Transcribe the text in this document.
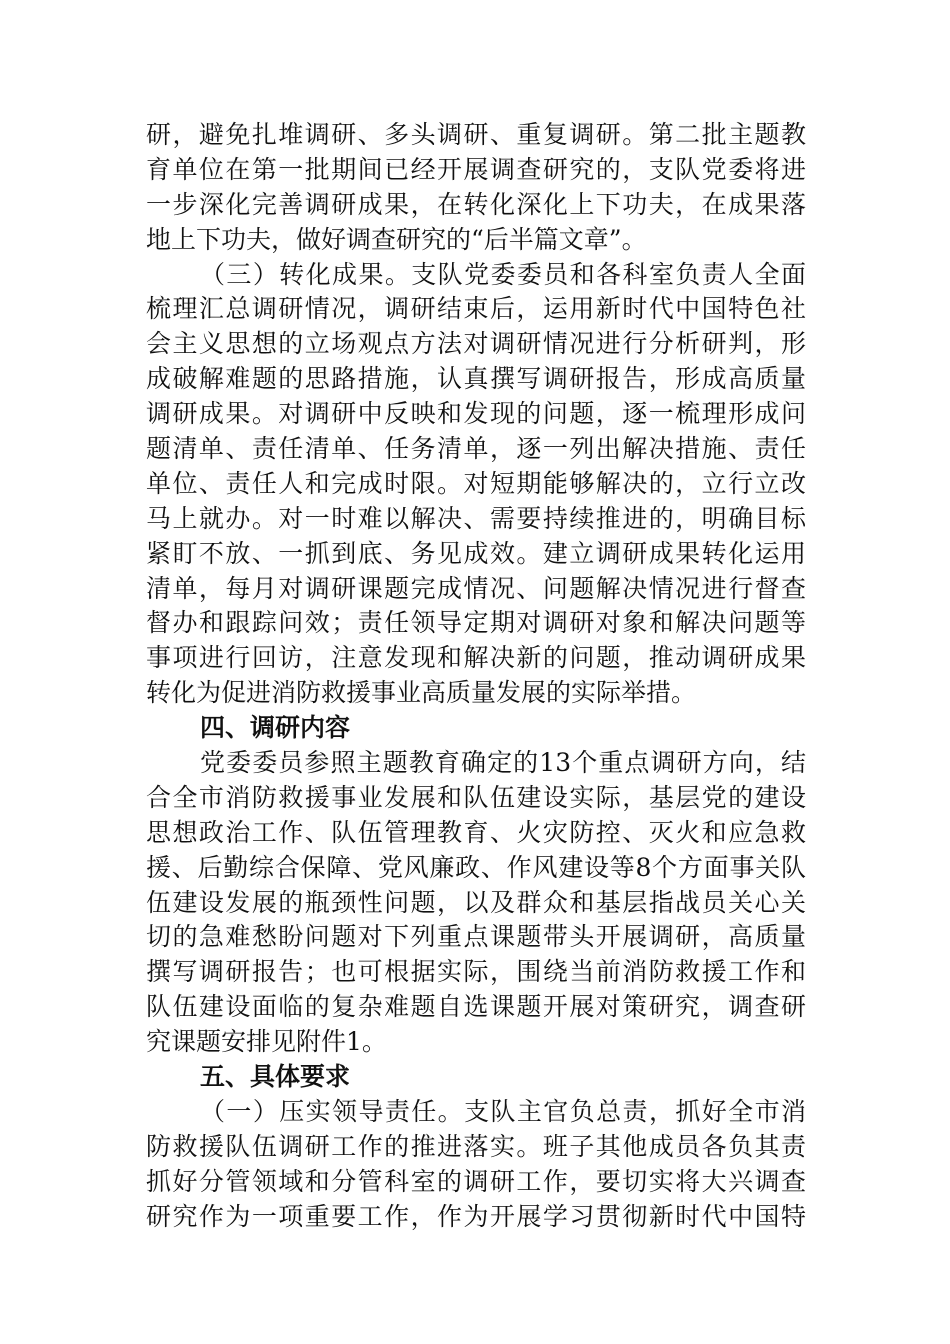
研，避免扎堆调研、多头调研、重复调研。第二批主题教
育单位在第一批期间已经开展调查研究的，支队党委将进
一步深化完善调研成果，在转化深化上下功夫，在成果落
地上下功夫，做好调查研究的“后半篇文章”。
（三）转化成果。支队党委委员和各科室负责人全面
梳理汇总调研情况，调研结束后，运用新时代中国特色社
会主义思想的立场观点方法对调研情况进行分析研判，形
成破解难题的思路措施，认真撰写调研报告，形成高质量
调研成果。对调研中反映和发现的问题，逐一梳理形成问
题清单、责任清单、任务清单，逐一列出解决措施、责任
单位、责任人和完成时限。对短期能够解决的，立行立改
马上就办。对一时难以解决、需要持续推进的，明确目标
紧盯不放、一抓到底、务见成效。建立调研成果转化运用
清单，每月对调研课题完成情况、问题解决情况进行督查
督办和跟踪问效；责任领导定期对调研对象和解决问题等
事项进行回访，注意发现和解决新的问题，推动调研成果
转化为促进消防救援事业高质量发展的实际举措。
四、调研内容
党委委员参照主题教育确定的13个重点调研方向，结
合全市消防救援事业发展和队伍建设实际，基层党的建设
思想政治工作、队伍管理教育、火灾防控、灭火和应急救
援、后勤综合保障、党风廉政、作风建设等8个方面事关队
伍建设发展的瓶颈性问题，以及群众和基层指战员关心关
切的急难愁盼问题对下列重点课题带头开展调研，高质量
撰写调研报告；也可根据实际，围绕当前消防救援工作和
队伍建设面临的复杂难题自选课题开展对策研究，调查研
究课题安排见附件1。
五、具体要求
（一）压实领导责任。支队主官负总责，抓好全市消
防救援队伍调研工作的推进落实。班子其他成员各负其责
抓好分管领域和分管科室的调研工作，要切实将大兴调查
研究作为一项重要工作，作为开展学习贯彻新时代中国特
